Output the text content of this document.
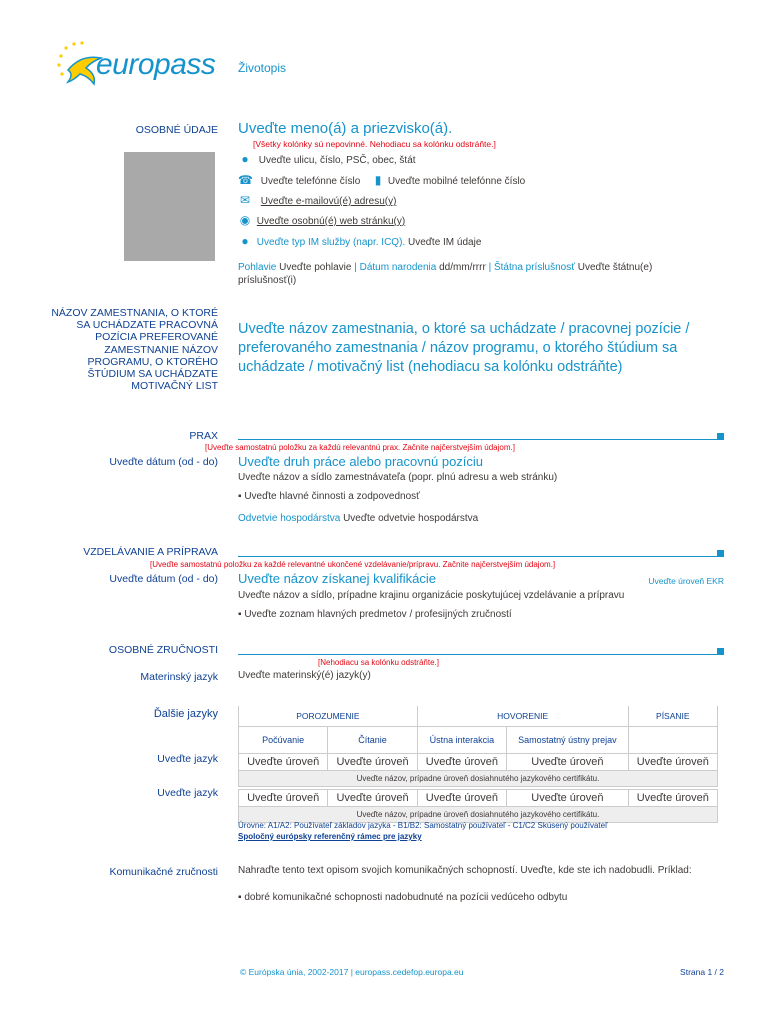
europass Životopis
OSOBNÉ ÚDAJE Uveďte meno(á) a priezvisko(á).
[Všetky kolónky sú nepovinné. Nehodiacu sa kolónku odstráňte.]
● Uveďte ulicu, číslo, PSČ, obec, štát
☎ Uveďte telefónne číslo ▮ Uveďte mobilné telefónne číslo
✉ Uveďte e-mailovú(é) adresu(y)
◉ Uveďte osobnú(é) web stránku(y)
● Uveďte typ IM služby (napr. ICQ). Uveďte IM údaje
Pohlavie Uveďte pohlavie | Dátum narodenia dd/mm/rrrr | Štátna príslušnosť Uveďte štátnu(e) príslušnosť(i)
NÁZOV ZAMESTNANIA, O KTORÉ SA UCHÁDZATE PRACOVNÁ POZÍCIA PREFEROVANÉ ZAMESTNANIE NÁZOV PROGRAMU, O KTORÉHO ŠTÚDIUM SA UCHÁDZATE MOTIVAČNÝ LIST
Uveďte názov zamestnania, o ktoré sa uchádzate / pracovnej pozície / preferovaného zamestnania / názov programu, o ktorého štúdium sa uchádzate / motivačný list (nehodiacu sa kolónku odstráňte)
PRAX
[Uveďte samostatnú položku za každú relevantnú prax. Začnite najčerstvejším údajom.]
Uveďte dátum (od - do) Uveďte druh práce alebo pracovnú pozíciu
Uveďte názov a sídlo zamestnávateľa (popr. plnú adresu a web stránku)
▪ Uveďte hlavné činnosti a zodpovednosť
Odvetvie hospodárstva Uveďte odvetvie hospodárstva
VZDELÁVANIE A PRÍPRAVA
[Uveďte samostatnú položku za každé relevantné ukončené vzdelávanie/prípravu. Začnite najčerstvejším údajom.]
Uveďte dátum (od - do) Uveďte názov získanej kvalifikácie	Uveďte úroveň EKR
Uveďte názov a sídlo, prípadne krajinu organizácie poskytujúcej vzdelávanie a prípravu
▪ Uveďte zoznam hlavných predmetov / profesijných zručností
OSOBNÉ ZRUČNOSTI
[Nehodiacu sa kolónku odstráňte.]
Materinský jazyk Uveďte materinský(é) jazyk(y)
Ďalšie jazyky	POROZUMENIE		HOVORENIE		PÍSANIE
Počúvanie	Čítanie	Ústna interakcia	Samostatný ústny prejav	
Uveďte úroveň	Uveďte úroveň	Uveďte úroveň	Uveďte úroveň	Uveďte úroveň
Uveďte názov, prípadne úroveň dosiahnutého jazykového certifikátu.				

Uveďte úroveň	Uveďte úroveň	Uveďte úroveň	Uveďte úroveň	Uveďte úroveň
Uveďte názov, prípadne úroveň dosiahnutého jazykového certifikátu.				
Uveďte jazyk
Uveďte jazyk
Úrovne: A1/A2: Používateľ základov jazyka - B1/B2: Samostatný používateľ - C1/C2 Skúsený používateľ
Spoločný európsky referenčný rámec pre jazyky
Komunikačné zručnosti Nahraďte tento text opisom svojich komunikačných schopností. Uveďte, kde ste ich nadobudli. Príklad:
▪ dobré komunikačné schopnosti nadobudnuté na pozícii vedúceho odbytu
© Európska únia, 2002-2017 | europass.cedefop.europa.eu	Strana 1 / 2
